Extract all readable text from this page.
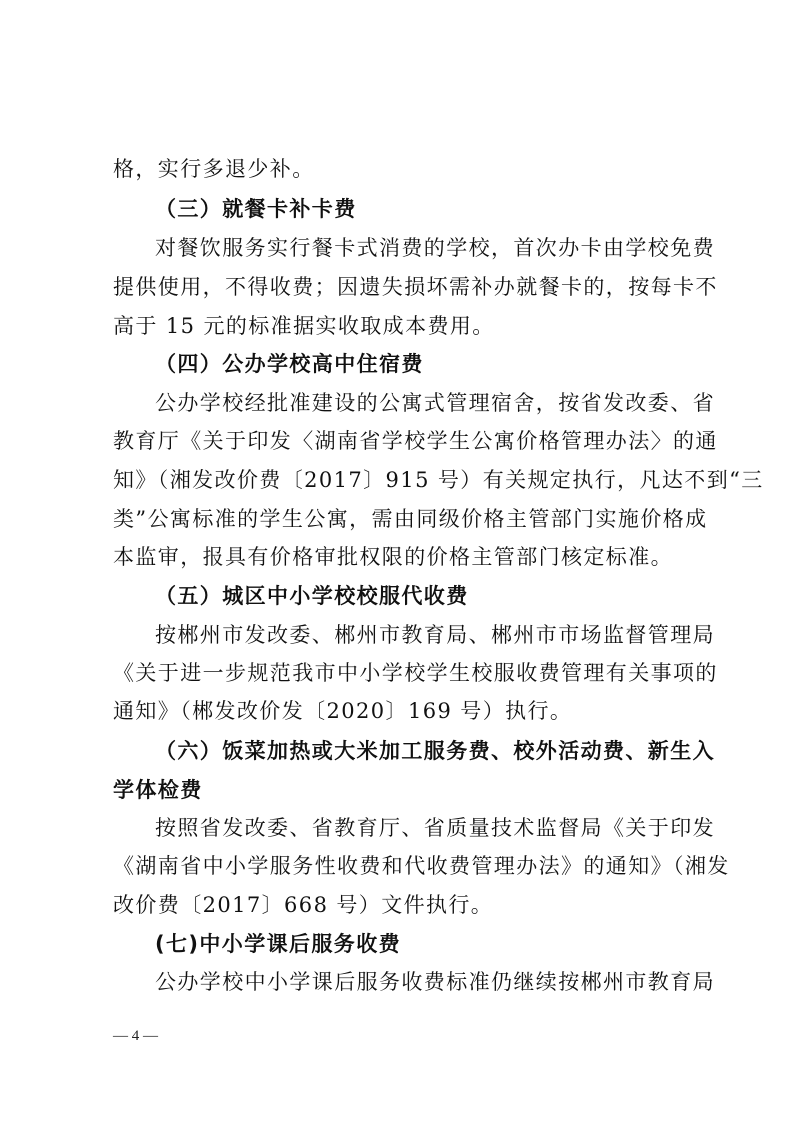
格，实行多退少补。
（三）就餐卡补卡费
对餐饮服务实行餐卡式消费的学校，首次办卡由学校免费
提供使用，不得收费；因遗失损坏需补办就餐卡的，按每卡不
高于 15 元的标准据实收取成本费用。
（四）公办学校高中住宿费
公办学校经批准建设的公寓式管理宿舍，按省发改委、省
教育厅《关于印发〈湖南省学校学生公寓价格管理办法〉的通
知》（湘发改价费〔2017〕915 号）有关规定执行，凡达不到“三
类”公寓标准的学生公寓，需由同级价格主管部门实施价格成
本监审，报具有价格审批权限的价格主管部门核定标准。
（五）城区中小学校校服代收费
按郴州市发改委、郴州市教育局、郴州市市场监督管理局
《关于进一步规范我市中小学校学生校服收费管理有关事项的
通知》（郴发改价发〔2020〕169 号）执行。
（六）饭菜加热或大米加工服务费、校外活动费、新生入
学体检费
按照省发改委、省教育厅、省质量技术监督局《关于印发
《湖南省中小学服务性收费和代收费管理办法》的通知》（湘发
改价费〔2017〕668 号）文件执行。
(七)中小学课后服务收费
公办学校中小学课后服务收费标准仍继续按郴州市教育局
— 4 —
